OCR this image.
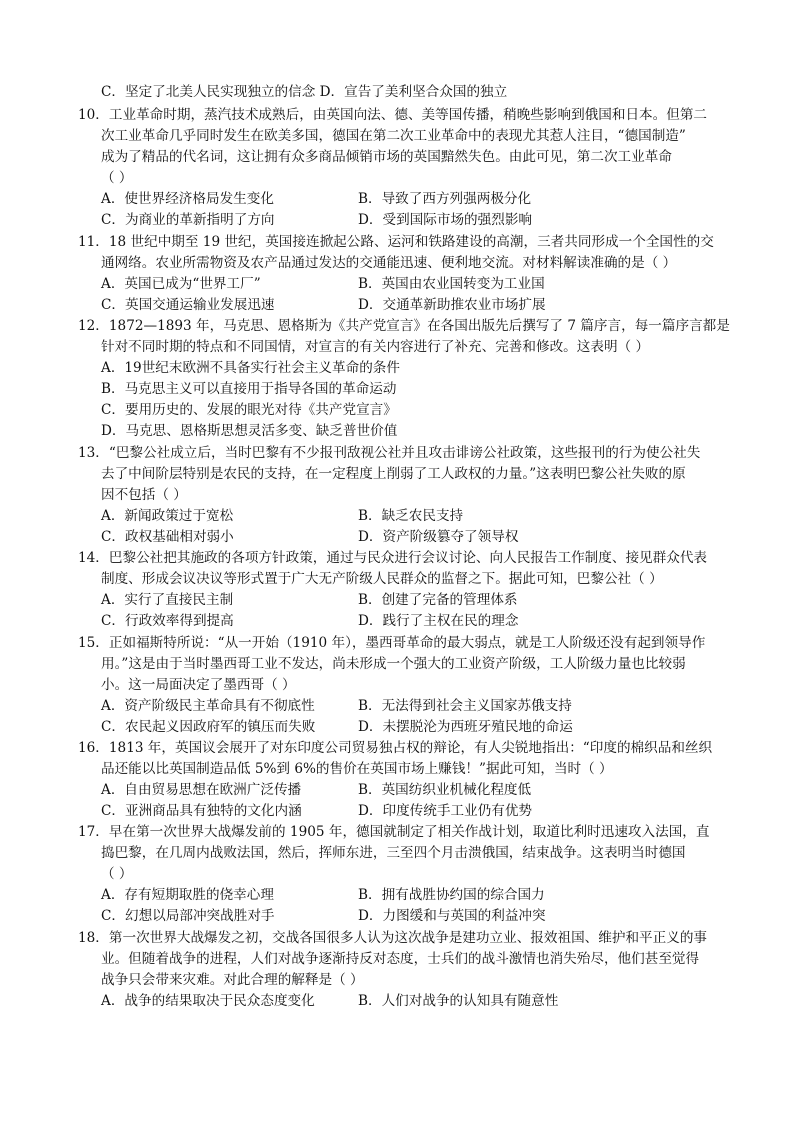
C．坚定了北美人民实现独立的信念 D．宣告了美利坚合众国的独立
10．工业革命时期，蒸汽技术成熟后，由英国向法、德、美等国传播，稍晚些影响到俄国和日本。但第二
次工业革命几乎同时发生在欧美多国，德国在第二次工业革命中的表现尤其惹人注目，“德国制造”
成为了精品的代名词，这让拥有众多商品倾销市场的英国黯然失色。由此可见，第二次工业革命
（ ）
A．使世界经济格局发生变化	B．导致了西方列强两极分化
C．为商业的革新指明了方向	D．受到国际市场的强烈影响
11．18 世纪中期至 19 世纪，英国接连掀起公路、运河和铁路建设的高潮，三者共同形成一个全国性的交
通网络。农业所需物资及农产品通过发达的交通能迅速、便利地交流。对材料解读准确的是（ ）
A．英国已成为“世界工厂”	B．英国由农业国转变为工业国
C．英国交通运输业发展迅速	D．交通革新助推农业市场扩展
12．1872—1893 年，马克思、恩格斯为《共产党宣言》在各国出版先后撰写了 7 篇序言，每一篇序言都是
针对不同时期的特点和不同国情，对宣言的有关内容进行了补充、完善和修改。这表明（ ）
A．19世纪末欧洲不具备实行社会主义革命的条件
B．马克思主义可以直接用于指导各国的革命运动
C．要用历史的、发展的眼光对待《共产党宣言》
D．马克思、恩格斯思想灵活多变、缺乏普世价值
13．“巴黎公社成立后，当时巴黎有不少报刊敌视公社并且攻击诽谤公社政策，这些报刊的行为使公社失
去了中间阶层特别是农民的支持，在一定程度上削弱了工人政权的力量。”这表明巴黎公社失败的原
因不包括（ ）
A．新闻政策过于宽松	B．缺乏农民支持
C．政权基础相对弱小	D．资产阶级篡夺了领导权
14．巴黎公社把其施政的各项方针政策，通过与民众进行会议讨论、向人民报告工作制度、接见群众代表
制度、形成会议决议等形式置于广大无产阶级人民群众的监督之下。据此可知，巴黎公社（ ）
A．实行了直接民主制	B．创建了完备的管理体系
C．行政效率得到提高	D．践行了主权在民的理念
15．正如福斯特所说：“从一开始（1910 年），墨西哥革命的最大弱点，就是工人阶级还没有起到领导作
用。”这是由于当时墨西哥工业不发达，尚未形成一个强大的工业资产阶级，工人阶级力量也比较弱
小。这一局面决定了墨西哥（ ）
A．资产阶级民主革命具有不彻底性	B．无法得到社会主义国家苏俄支持
C．农民起义因政府军的镇压而失败	D．未摆脱沦为西班牙殖民地的命运
16．1813 年，英国议会展开了对东印度公司贸易独占权的辩论，有人尖锐地指出：“印度的棉织品和丝织
品还能以比英国制造品低 5%到 6%的售价在英国市场上赚钱！”据此可知，当时（ ）
A．自由贸易思想在欧洲广泛传播	B．英国纺织业机械化程度低
C．亚洲商品具有独特的文化内涵	D．印度传统手工业仍有优势
17．早在第一次世界大战爆发前的 1905 年，德国就制定了相关作战计划，取道比利时迅速攻入法国，直
捣巴黎，在几周内战败法国，然后，挥师东进，三至四个月击溃俄国，结束战争。这表明当时德国
（ ）
A．存有短期取胜的侥幸心理	B．拥有战胜协约国的综合国力
C．幻想以局部冲突战胜对手	D．力图缓和与英国的利益冲突
18．第一次世界大战爆发之初，交战各国很多人认为这次战争是建功立业、报效祖国、维护和平正义的事
业。但随着战争的进程，人们对战争逐渐持反对态度，士兵们的战斗激情也消失殆尽，他们甚至觉得
战争只会带来灾难。对此合理的解释是（ ）
A．战争的结果取决于民众态度变化	B．人们对战争的认知具有随意性
